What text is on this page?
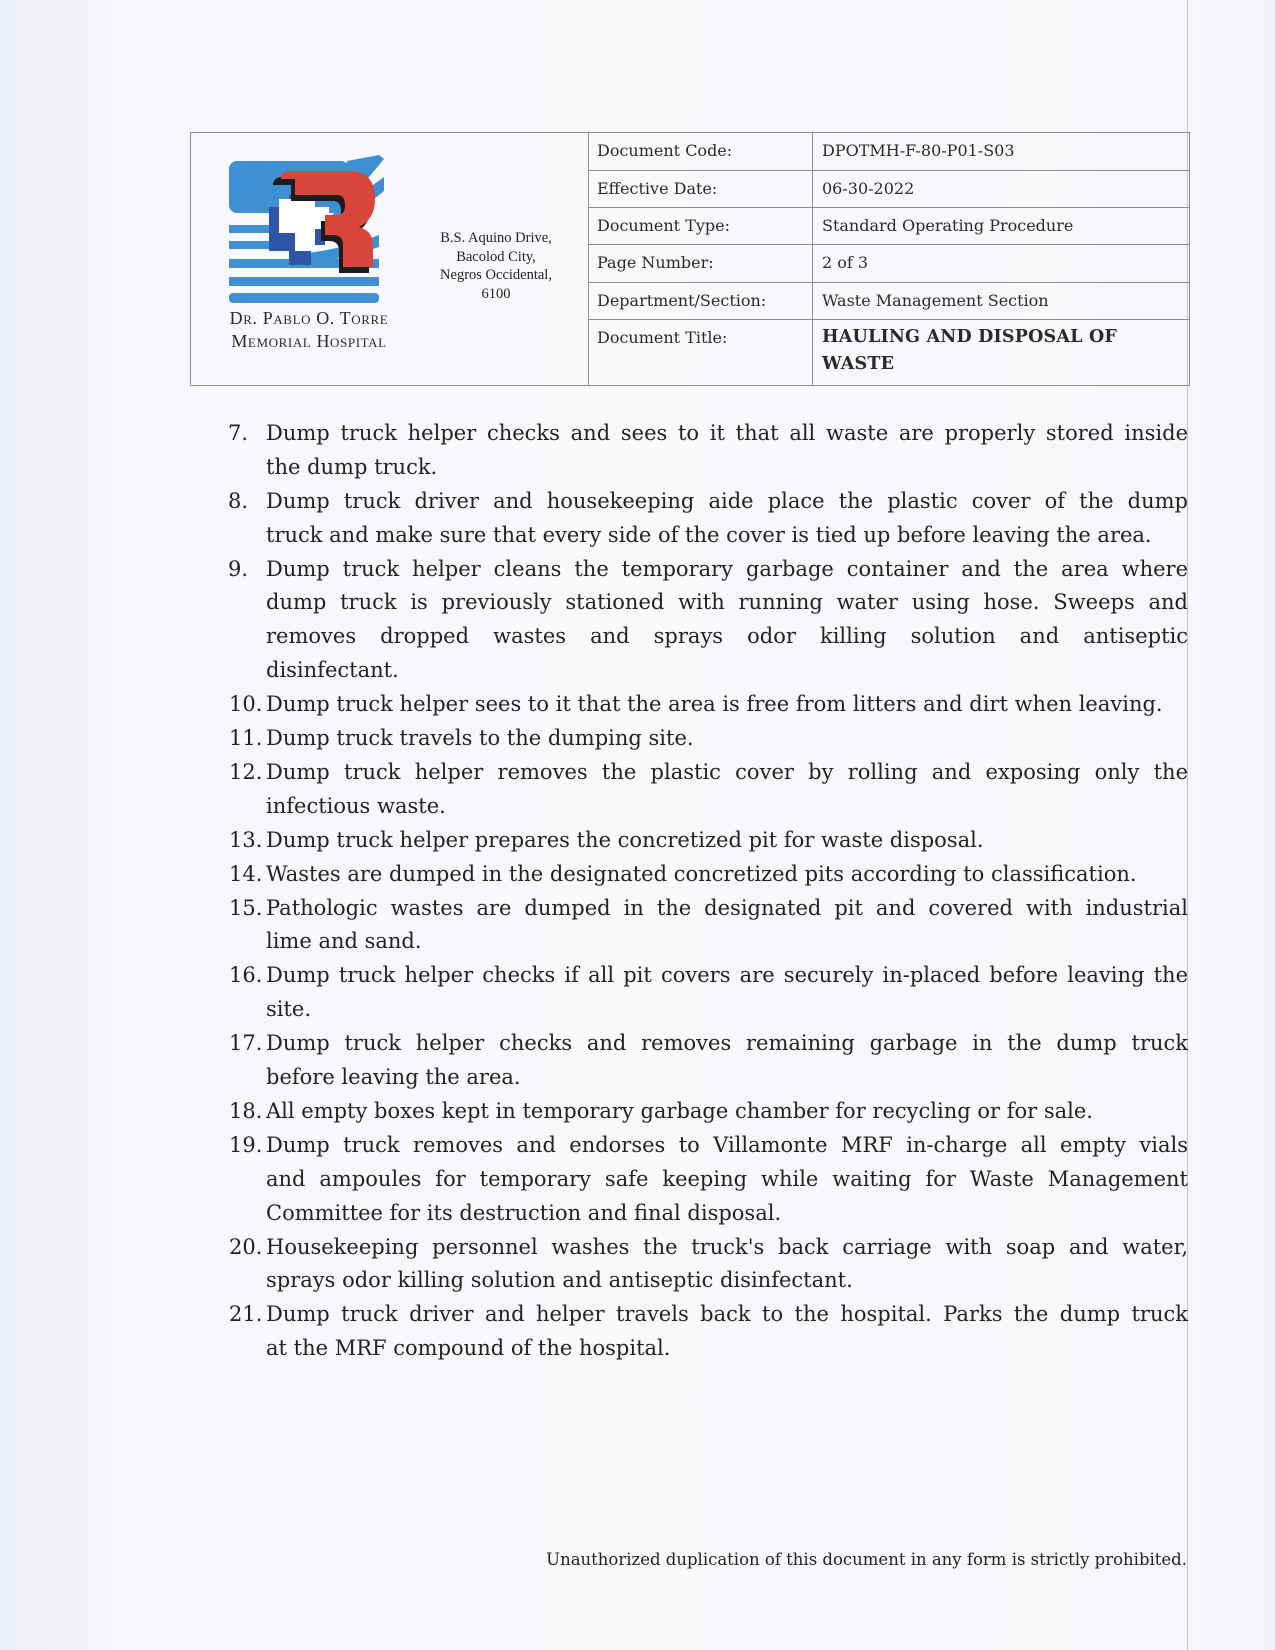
Dr. Pablo O. Torre
Memorial Hospital
B.S. Aquino Drive,
Bacolod City,
Negros Occidental,
6100
Document Code:	DPOTMH-F-80-P01-S03
Effective Date:	06-30-2022
Document Type:	Standard Operating Procedure
Page Number:	2 of 3
Department/Section:	Waste Management Section
Document Title:	HAULING AND DISPOSAL OF
WASTE
7. Dump truck helper checks and sees to it that all waste are properly stored inside
the dump truck.
8. Dump truck driver and housekeeping aide place the plastic cover of the dump
truck and make sure that every side of the cover is tied up before leaving the area.
9. Dump truck helper cleans the temporary garbage container and the area where
dump truck is previously stationed with running water using hose. Sweeps and
removes dropped wastes and sprays odor killing solution and antiseptic
disinfectant.
10. Dump truck helper sees to it that the area is free from litters and dirt when leaving.
11. Dump truck travels to the dumping site.
12. Dump truck helper removes the plastic cover by rolling and exposing only the
infectious waste.
13. Dump truck helper prepares the concretized pit for waste disposal.
14. Wastes are dumped in the designated concretized pits according to classification.
15. Pathologic wastes are dumped in the designated pit and covered with industrial
lime and sand.
16. Dump truck helper checks if all pit covers are securely in-placed before leaving the
site.
17. Dump truck helper checks and removes remaining garbage in the dump truck
before leaving the area.
18. All empty boxes kept in temporary garbage chamber for recycling or for sale.
19. Dump truck removes and endorses to Villamonte MRF in-charge all empty vials
and ampoules for temporary safe keeping while waiting for Waste Management
Committee for its destruction and final disposal.
20. Housekeeping personnel washes the truck's back carriage with soap and water,
sprays odor killing solution and antiseptic disinfectant.
21. Dump truck driver and helper travels back to the hospital. Parks the dump truck
at the MRF compound of the hospital.
Unauthorized duplication of this document in any form is strictly prohibited.
